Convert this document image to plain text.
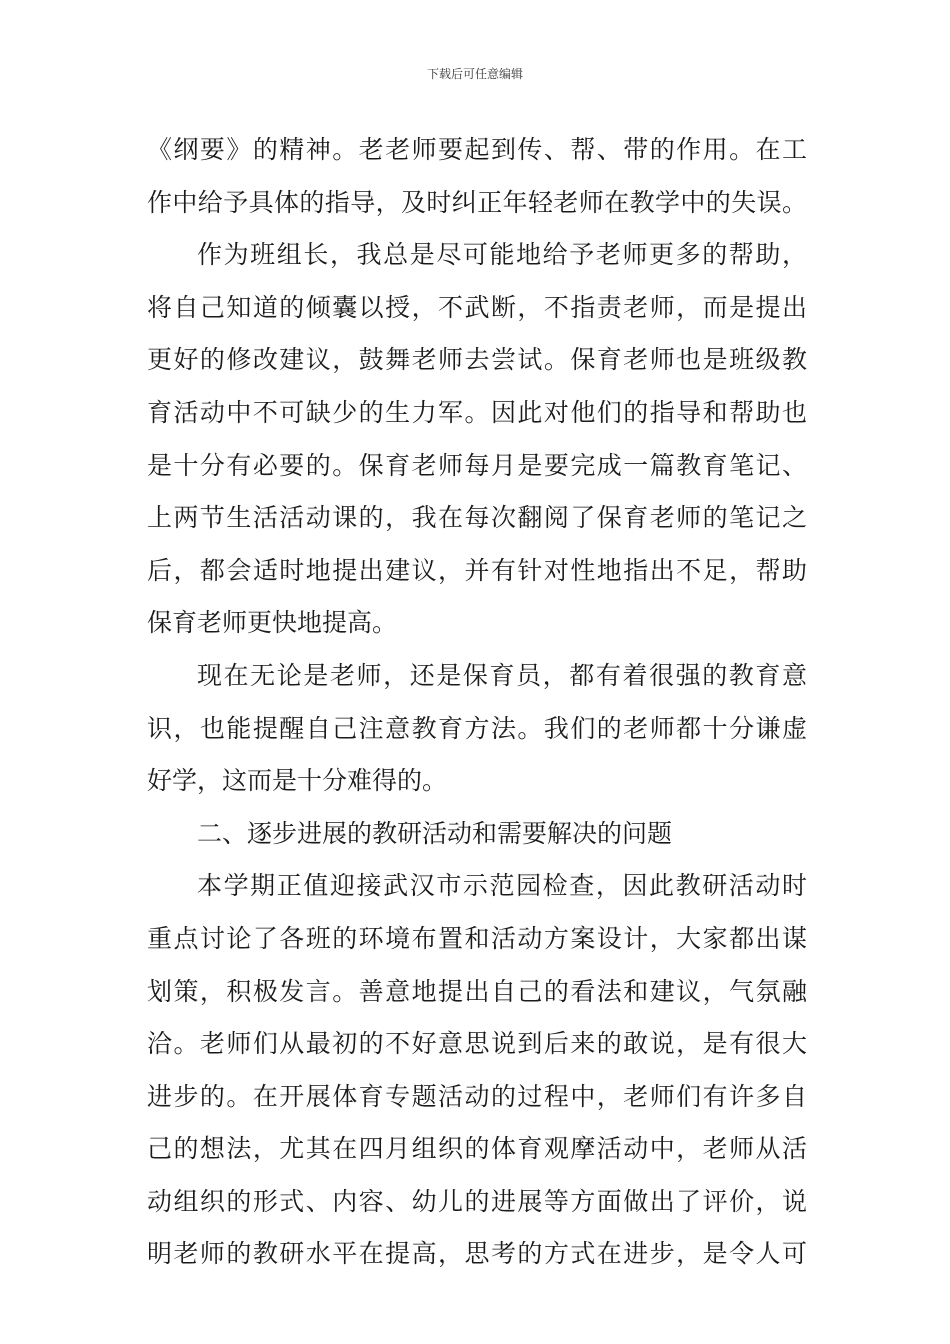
下载后可任意编辑
《纲要》的精神。老老师要起到传、帮、带的作用。在工
作中给予具体的指导，及时纠正年轻老师在教学中的失误。
作为班组长，我总是尽可能地给予老师更多的帮助，
将自己知道的倾囊以授，不武断，不指责老师，而是提出
更好的修改建议，鼓舞老师去尝试。保育老师也是班级教
育活动中不可缺少的生力军。因此对他们的指导和帮助也
是十分有必要的。保育老师每月是要完成一篇教育笔记、
上两节生活活动课的，我在每次翻阅了保育老师的笔记之
后，都会适时地提出建议，并有针对性地指出不足，帮助
保育老师更快地提高。
现在无论是老师，还是保育员，都有着很强的教育意
识，也能提醒自己注意教育方法。我们的老师都十分谦虚
好学，这而是十分难得的。
二、逐步进展的教研活动和需要解决的问题
本学期正值迎接武汉市示范园检查，因此教研活动时
重点讨论了各班的环境布置和活动方案设计，大家都出谋
划策，积极发言。善意地提出自己的看法和建议，气氛融
洽。老师们从最初的不好意思说到后来的敢说，是有很大
进步的。在开展体育专题活动的过程中，老师们有许多自
己的想法，尤其在四月组织的体育观摩活动中，老师从活
动组织的形式、内容、幼儿的进展等方面做出了评价，说
明老师的教研水平在提高，思考的方式在进步，是令人可
